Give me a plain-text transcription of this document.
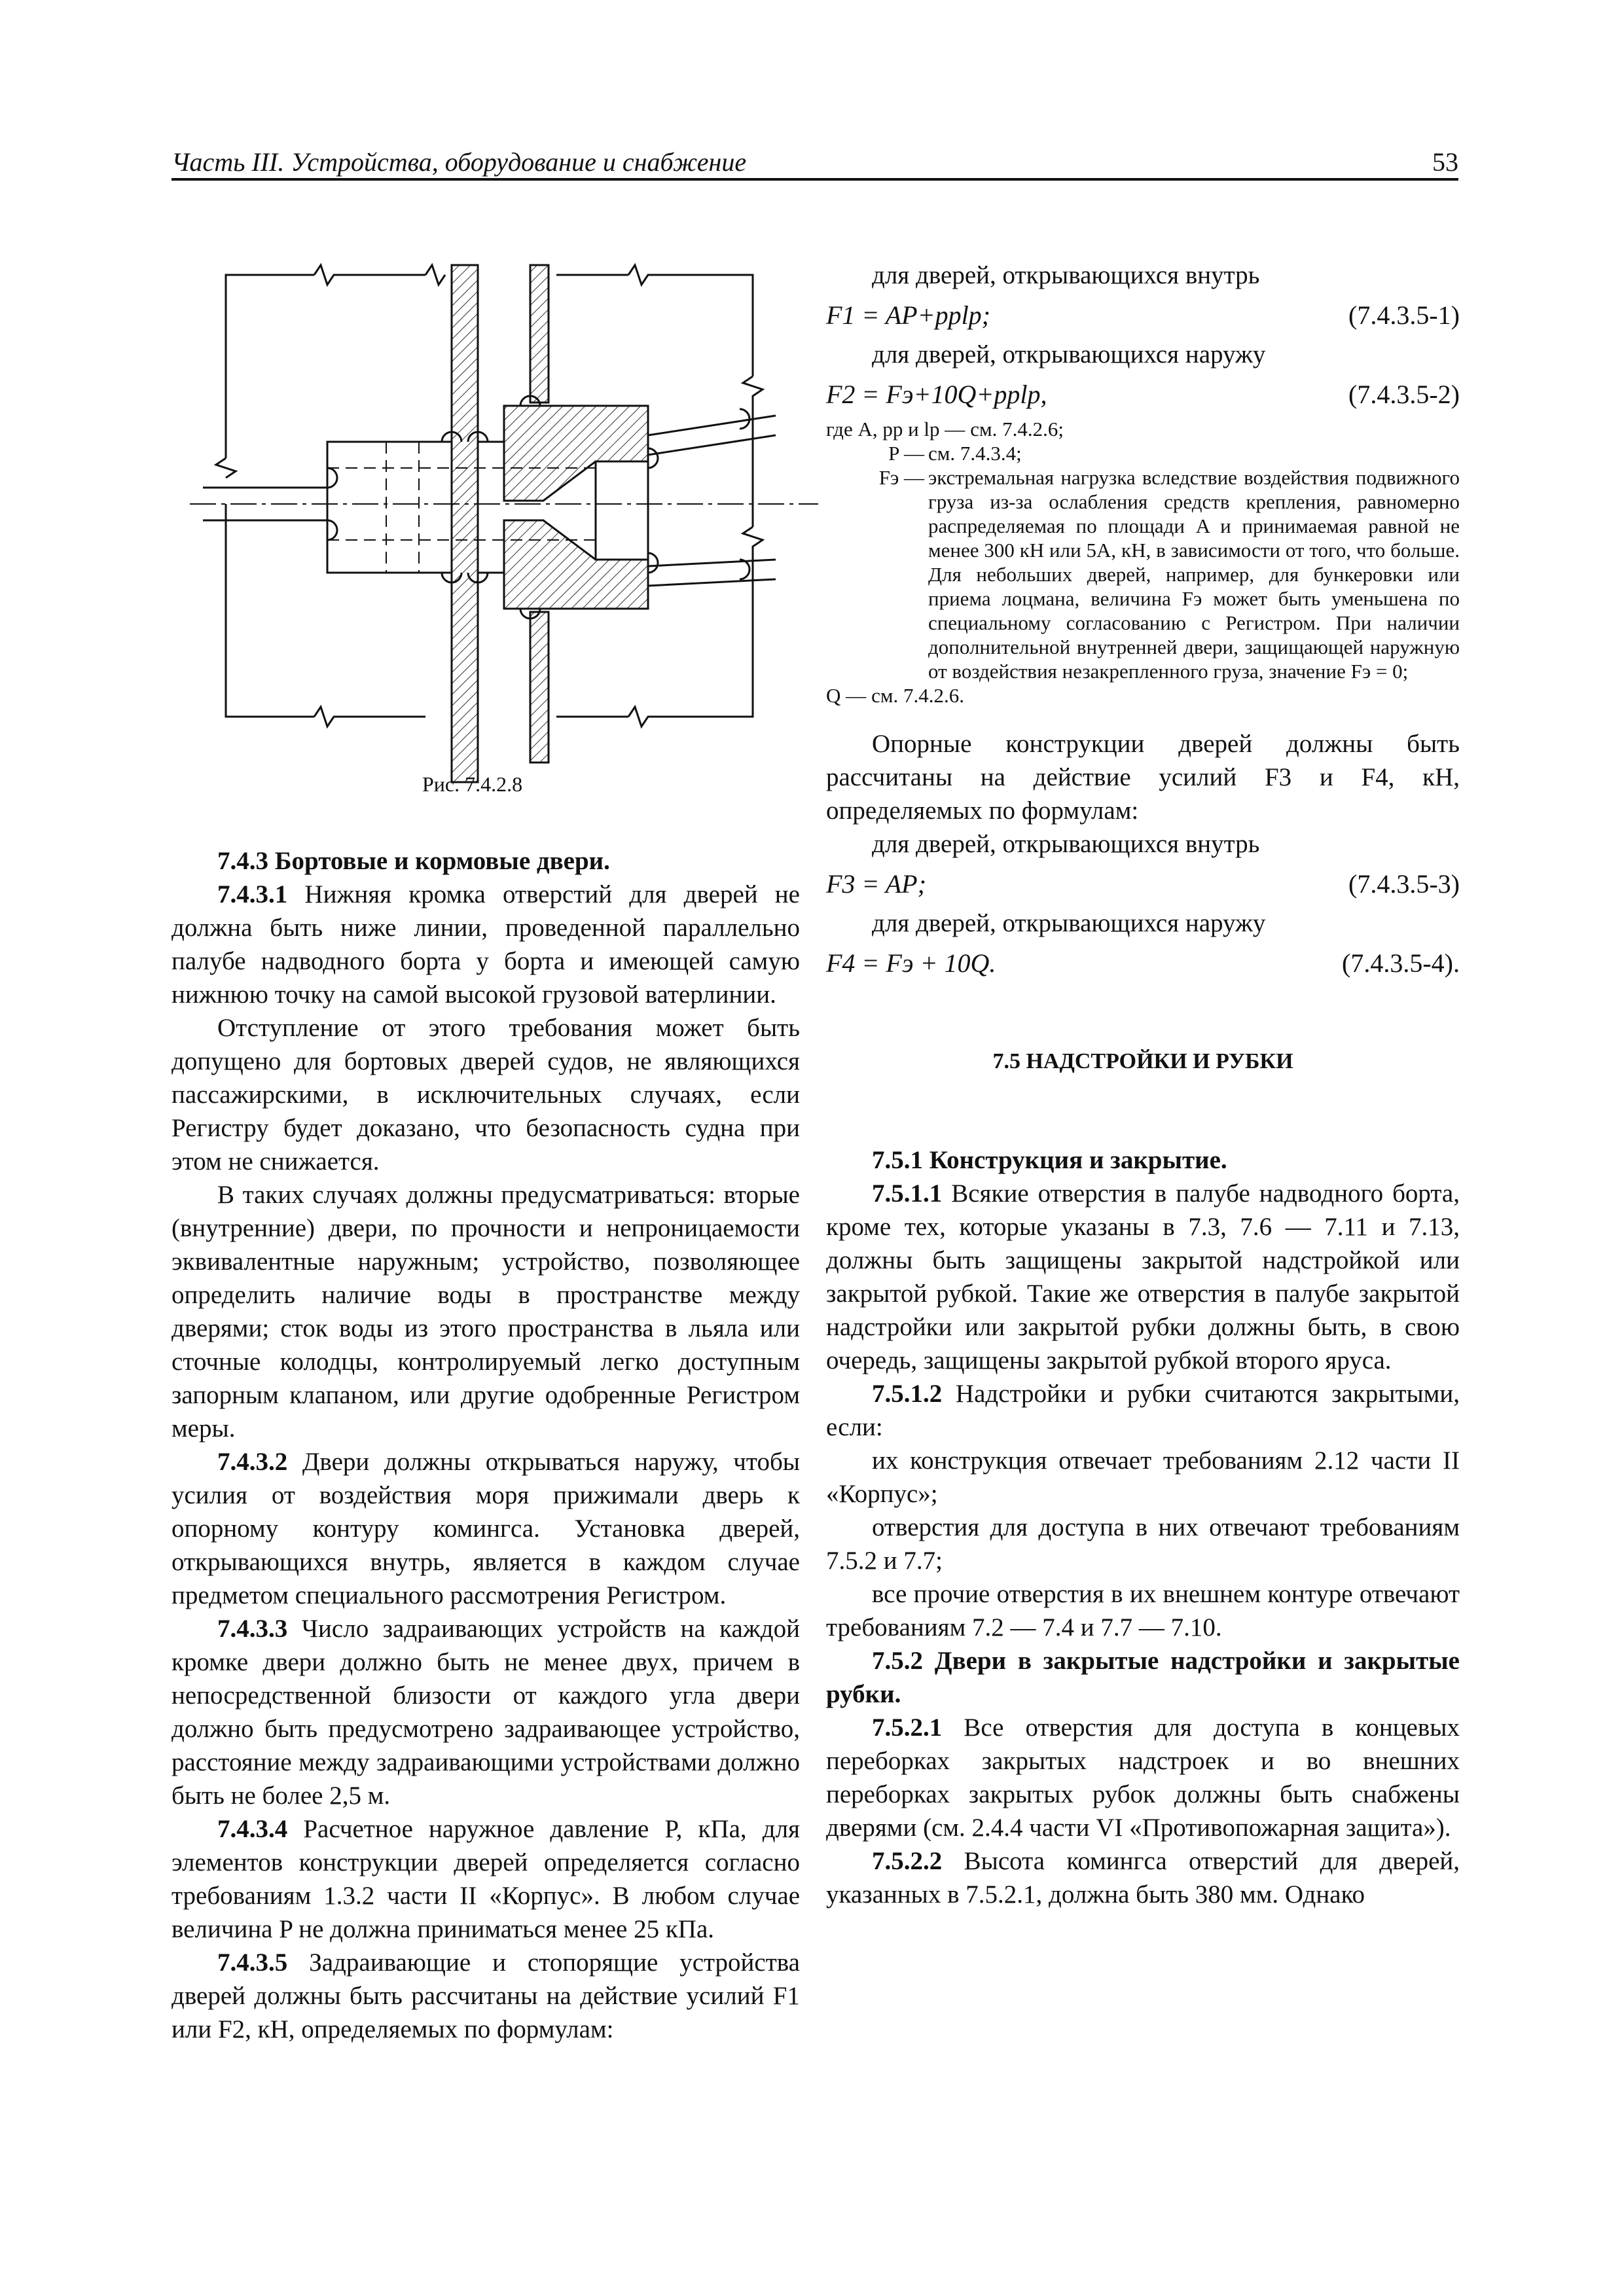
Часть III. Устройства, оборудование и снабжение	53
Рис. 7.4.2.8

7.4.3 Бортовые и кормовые двери.

7.4.3.1 Нижняя кромка отверстий для дверей не должна быть ниже линии, проведенной параллельно палубе надводного борта у борта и имеющей самую нижнюю точку на самой высокой грузовой ватерлинии.

Отступление от этого требования может быть допущено для бортовых дверей судов, не являющихся пассажирскими, в исключительных случаях, если Регистру будет доказано, что безопасность судна при этом не снижается.

В таких случаях должны предусматриваться: вторые (внутренние) двери, по прочности и непроницаемости эквивалентные наружным; устройство, позволяющее определить наличие воды в пространстве между дверями; сток воды из этого пространства в льяла или сточные колодцы, контролируемый легко доступным запорным клапаном, или другие одобренные Регистром меры.

7.4.3.2 Двери должны открываться наружу, чтобы усилия от воздействия моря прижимали дверь к опорному контуру комингса. Установка дверей, открывающихся внутрь, является в каждом случае предметом специального рассмотрения Регистром.

7.4.3.3 Число задраивающих устройств на каждой кромке двери должно быть не менее двух, причем в непосредственной близости от каждого угла двери должно быть предусмотрено задраивающее устройство, расстояние между задраивающими устройствами должно быть не более 2,5 м.

7.4.3.4 Расчетное наружное давление P, кПа, для элементов конструкции дверей определяется согласно требованиям 1.3.2 части II «Корпус». В любом случае величина P не должна приниматься менее 25 кПа.

7.4.3.5 Задраивающие и стопорящие устройства дверей должны быть рассчитаны на действие усилий F1 или F2, кН, определяемых по формулам:

для дверей, открывающихся внутрь

F1 = AP+pplp;	(7.4.3.5-1)

для дверей, открывающихся наружу

F2 = Fэ+10Q+pplp,	(7.4.3.5-2)
где A, pp и lp — см. 7.4.2.6;
P — см. 7.4.3.4;
Fэ — экстремальная нагрузка вследствие воздействия подвижного груза из-за ослабления средств крепления, равномерно распределяемая по площади A и принимаемая равной не менее 300 кН или 5A, кН, в зависимости от того, что больше. Для небольших дверей, например, для бункеровки или приема лоцмана, величина Fэ может быть уменьшена по специальному согласованию с Регистром. При наличии дополнительной внутренней двери, защищающей наружную от воздействия незакрепленного груза, значение Fэ = 0;
Q — см. 7.4.2.6.

Опорные конструкции дверей должны быть рассчитаны на действие усилий F3 и F4, кН, определяемых по формулам:

для дверей, открывающихся внутрь

F3 = AP;	(7.4.3.5-3)

для дверей, открывающихся наружу

F4 = Fэ + 10Q.	(7.4.3.5-4).
7.5 НАДСТРОЙКИ И РУБКИ

7.5.1 Конструкция и закрытие.

7.5.1.1 Всякие отверстия в палубе надводного борта, кроме тех, которые указаны в 7.3, 7.6 — 7.11 и 7.13, должны быть защищены закрытой надстройкой или закрытой рубкой. Такие же отверстия в палубе закрытой надстройки или закрытой рубки должны быть, в свою очередь, защищены закрытой рубкой второго яруса.

7.5.1.2 Надстройки и рубки считаются закрытыми, если:

их конструкция отвечает требованиям 2.12 части II «Корпус»;

отверстия для доступа в них отвечают требованиям 7.5.2 и 7.7;

все прочие отверстия в их внешнем контуре отвечают требованиям 7.2 — 7.4 и 7.7 — 7.10.

7.5.2 Двери в закрытые надстройки и закрытые рубки.

7.5.2.1 Все отверстия для доступа в концевых переборках закрытых надстроек и во внешних переборках закрытых рубок должны быть снабжены дверями (см. 2.4.4 части VI «Противопожарная защита»).

7.5.2.2 Высота комингса отверстий для дверей, указанных в 7.5.2.1, должна быть 380 мм. Однако
